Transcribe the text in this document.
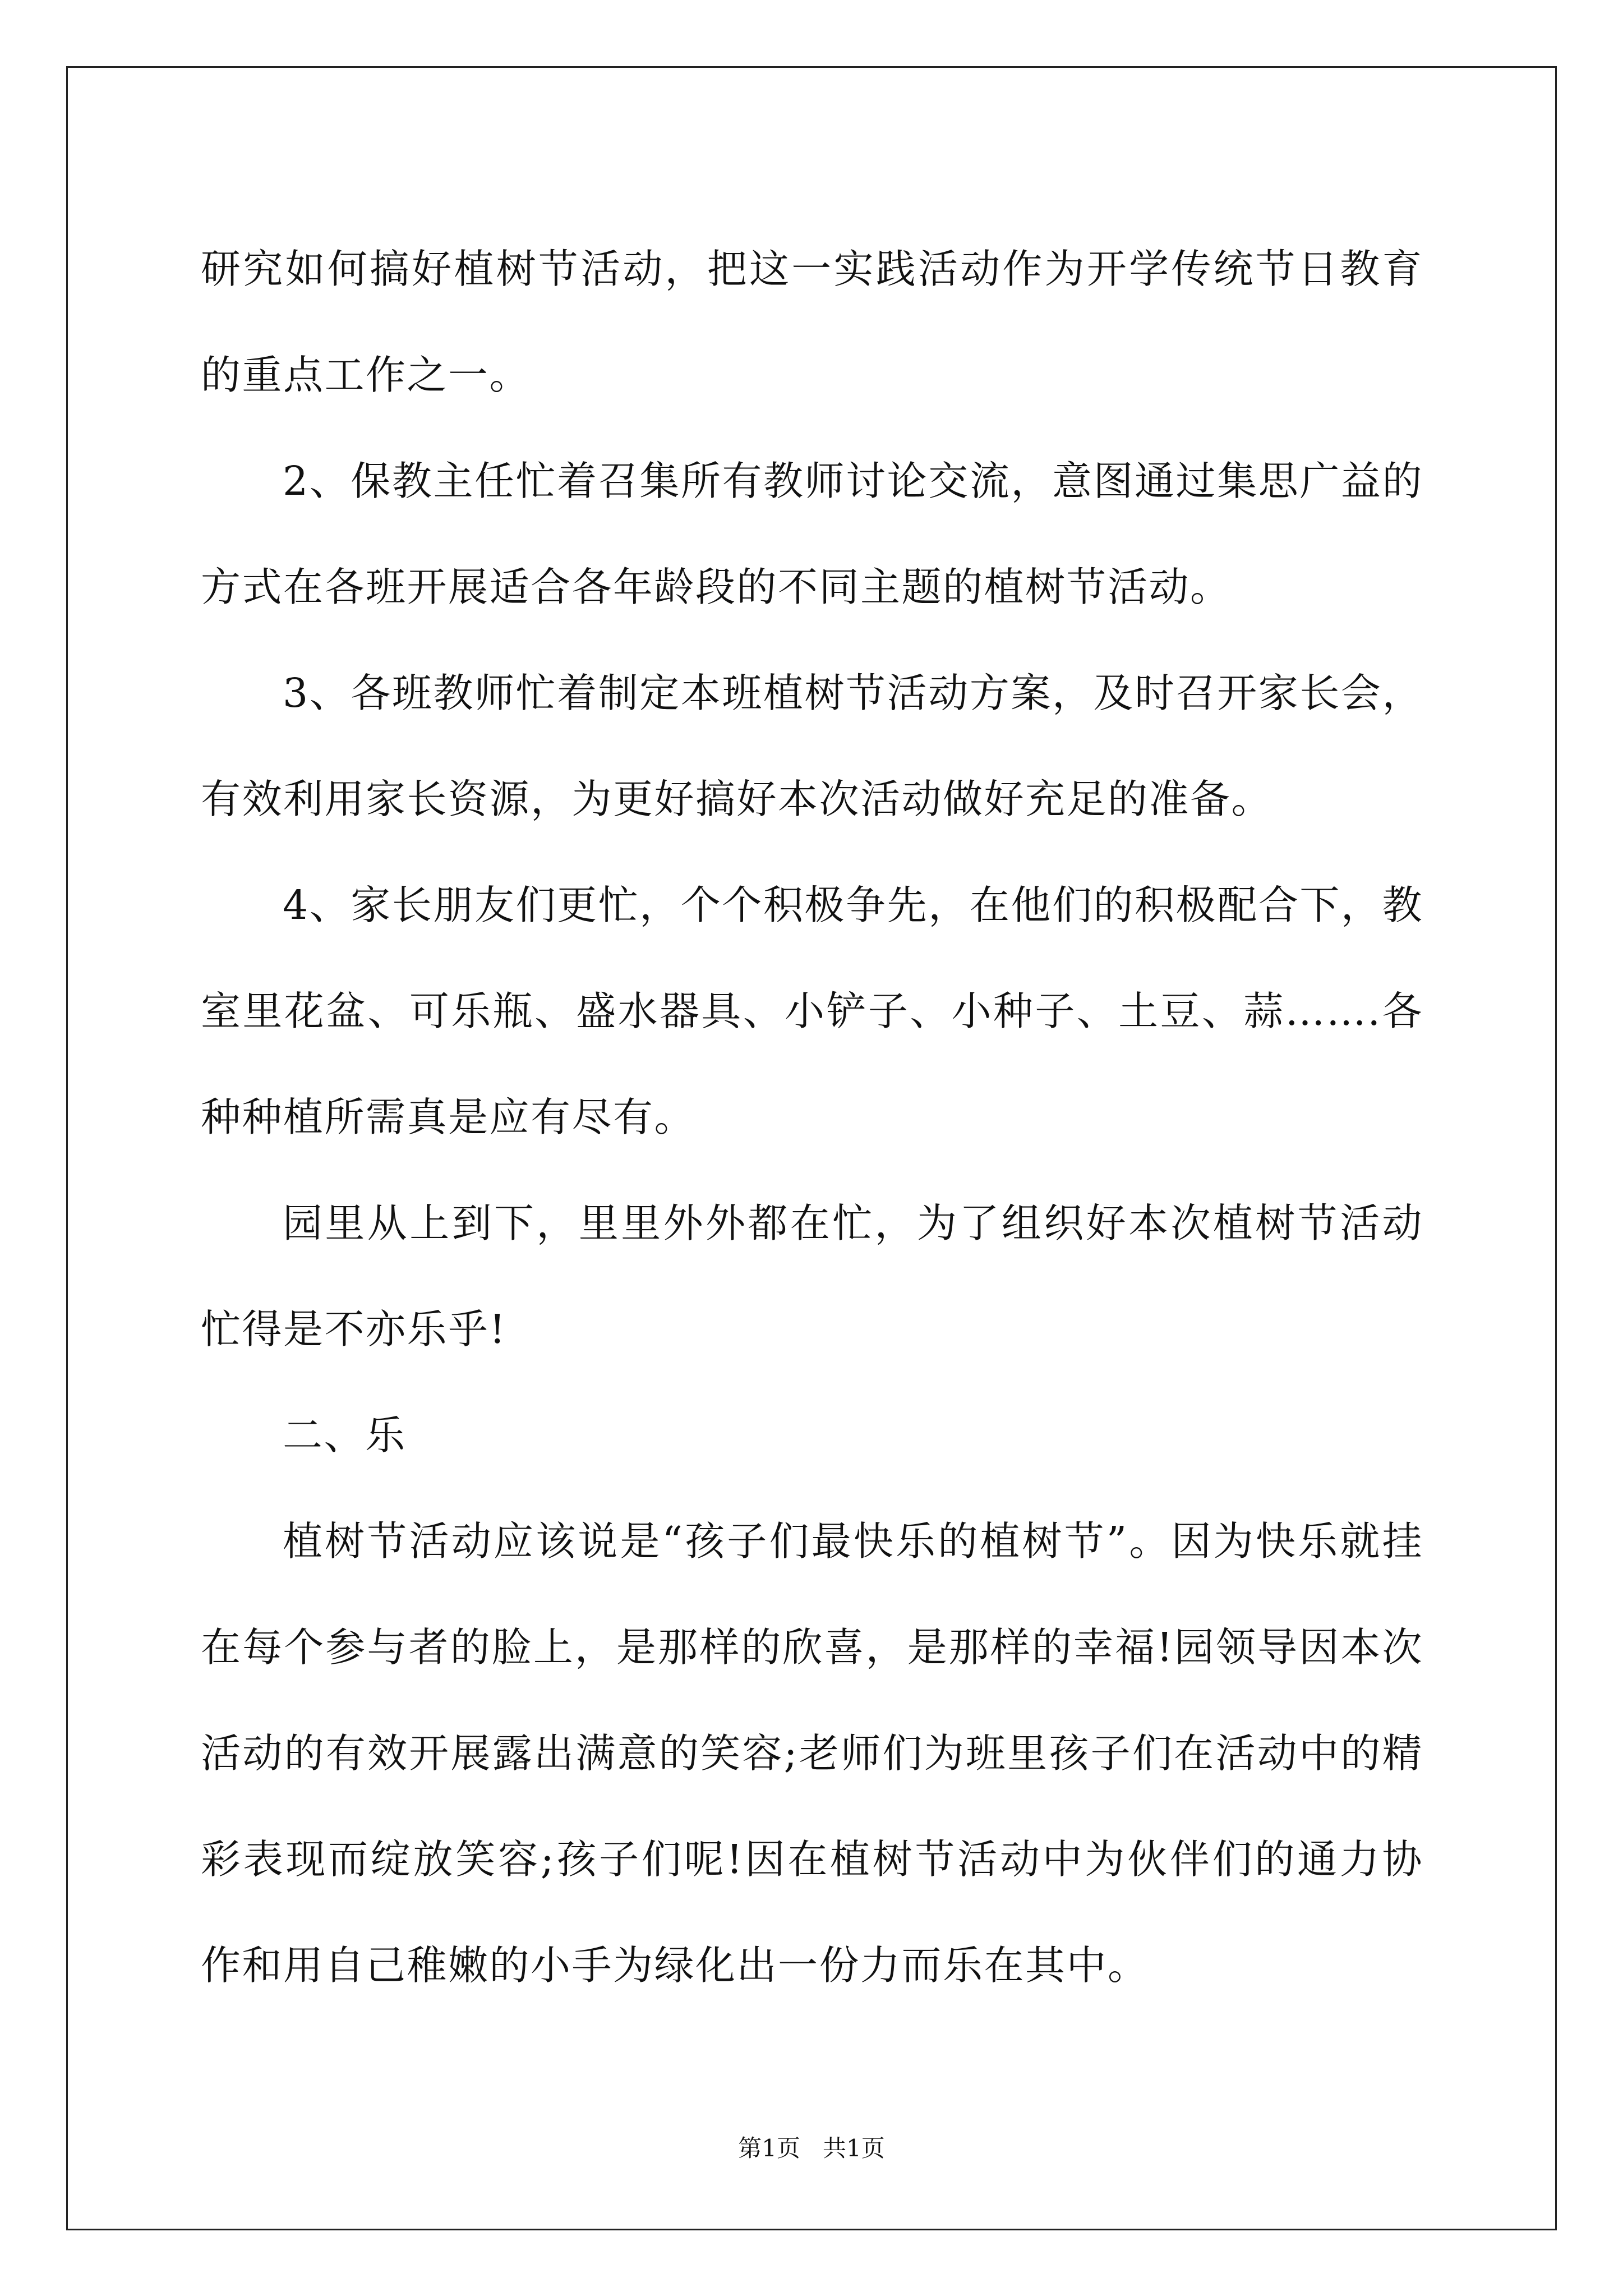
研究如何搞好植树节活动，把这一实践活动作为开学传统节日教育的重点工作之一。

2、保教主任忙着召集所有教师讨论交流，意图通过集思广益的方式在各班开展适合各年龄段的不同主题的植树节活动。

3、各班教师忙着制定本班植树节活动方案，及时召开家长会，有效利用家长资源，为更好搞好本次活动做好充足的准备。

4、家长朋友们更忙，个个积极争先，在他们的积极配合下，教室里花盆、可乐瓶、盛水器具、小铲子、小种子、土豆、蒜…….各种种植所需真是应有尽有。

园里从上到下，里里外外都在忙，为了组织好本次植树节活动忙得是不亦乐乎!

二、乐

植树节活动应该说是“孩子们最快乐的植树节”。因为快乐就挂在每个参与者的脸上，是那样的欣喜，是那样的幸福!园领导因本次活动的有效开展露出满意的笑容;老师们为班里孩子们在活动中的精彩表现而绽放笑容;孩子们呢!因在植树节活动中为伙伴们的通力协作和用自己稚嫩的小手为绿化出一份力而乐在其中。

第1页 共1页
